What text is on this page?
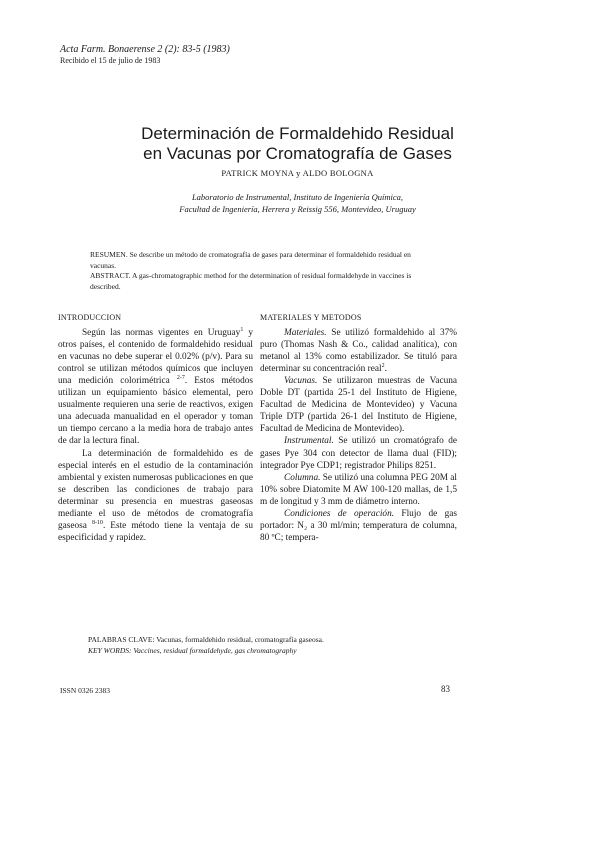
Acta Farm. Bonaerense 2 (2): 83-5 (1983)
Recibido el 15 de julio de 1983
Determinación de Formaldehido Residual
en Vacunas por Cromatografía de Gases
PATRICK MOYNA y ALDO BOLOGNA
Laboratorio de Instrumental, Instituto de Ingeniería Química,
Facultad de Ingeniería, Herrera y Reissig 556, Montevideo, Uruguay

RESUMEN. Se describe un método de cromatografía de gases para determinar el formaldehido residual en vacunas.

ABSTRACT. A gas-chromatographic method for the determination of residual formaldehyde in vaccines is described.

INTRODUCCION

Según las normas vigentes en Uruguay$^1$ y otros países, el contenido de formaldehido residual en vacunas no debe superar el 0.02% (p/v). Para su control se utilizan métodos químicos que incluyen una medición colorimétrica $^{2-7}$. Estos métodos utilizan un equipamiento básico elemental, pero usualmente requieren una serie de reactivos, exigen una adecuada manualidad en el operador y toman un tiempo cercano a la media hora de trabajo antes de dar la lectura final.

La determinación de formaldehido es de especial interés en el estudio de la contaminación ambiental y existen numerosas publicaciones en que se describen las condiciones de trabajo para determinar su presencia en muestras gaseosas mediante el uso de métodos de cromatografía gaseosa $^{8-10}$. Este método tiene la ventaja de su especificidad y rapidez.

MATERIALES Y METODOS

Materiales. Se utilizó formaldehido al 37% puro (Thomas Nash & Co., calidad analítica), con metanol al 13% como estabilizador. Se tituló para determinar su concentración real$^2$.

Vacunas. Se utilizaron muestras de Vacuna Doble DT (partida 25-1 del Instituto de Higiene, Facultad de Medicina de Montevideo) y Vacuna Triple DTP (partida 26-1 del Instituto de Higiene, Facultad de Medicina de Montevideo).

Instrumental. Se utilizó un cromatógrafo de gases Pye 304 con detector de llama dual (FID); integrador Pye CDP1; registrador Philips 8251.

Columna. Se utilizó una columna PEG 20M al 10% sobre Diatomite M AW 100-120 mallas, de 1,5 m de longitud y 3 mm de diámetro interno.

Condiciones de operación. Flujo de gas portador: N₂ a 30 ml/min; temperatura de columna, 80 ºC; tempera-

PALABRAS CLAVE: Vacunas, formaldehido residual, cromatografía gaseosa.

KEY WORDS: Vaccines, residual formaldehyde, gas chromatography

ISSN 0326 2383	83
